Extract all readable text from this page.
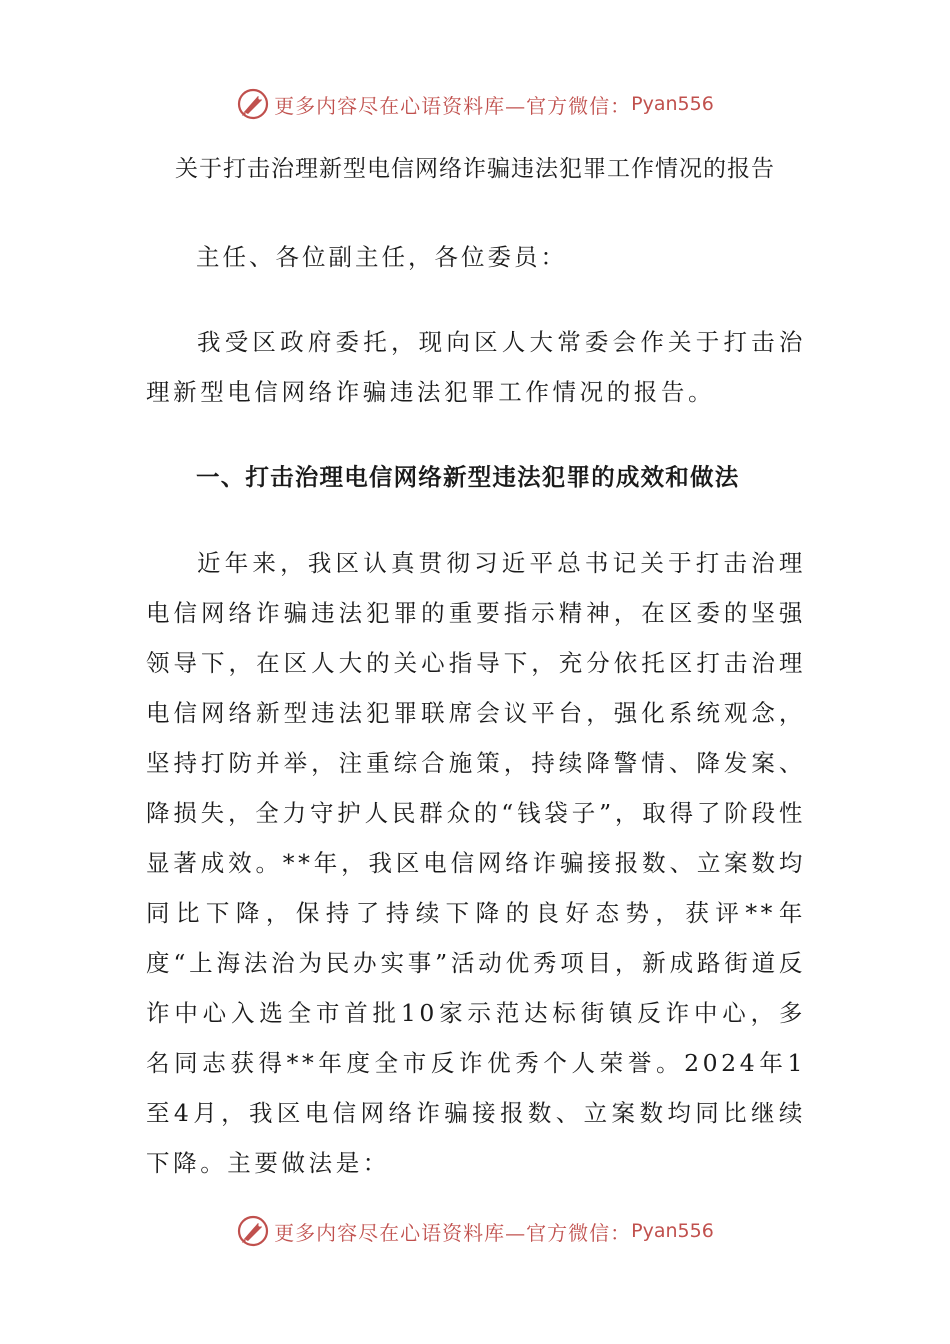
更多内容尽在心语资料库—官方微信： Pyan556
关于打击治理新型电信网络诈骗违法犯罪工作情况的报告
主任、各位副主任，各位委员：
我受区政府委托，现向区人大常委会作关于打击治理新型电信网络诈骗违法犯罪工作情况的报告。
一、打击治理电信网络新型违法犯罪的成效和做法
近年来，我区认真贯彻习近平总书记关于打击治理电信网络诈骗违法犯罪的重要指示精神，在区委的坚强领导下，在区人大的关心指导下，充分依托区打击治理电信网络新型违法犯罪联席会议平台，强化系统观念，坚持打防并举，注重综合施策，持续降警情、降发案、降损失，全力守护人民群众的“钱袋子”，取得了阶段性显著成效。**年，我区电信网络诈骗接报数、立案数均同比下降，保持了持续下降的良好态势，获评**年度“上海法治为民办实事”活动优秀项目，新成路街道反诈中心入选全市首批10家示范达标街镇反诈中心，多名同志获得**年度全市反诈优秀个人荣誉。2024年1至4月，我区电信网络诈骗接报数、立案数均同比继续下降。主要做法是：
更多内容尽在心语资料库—官方微信： Pyan556
